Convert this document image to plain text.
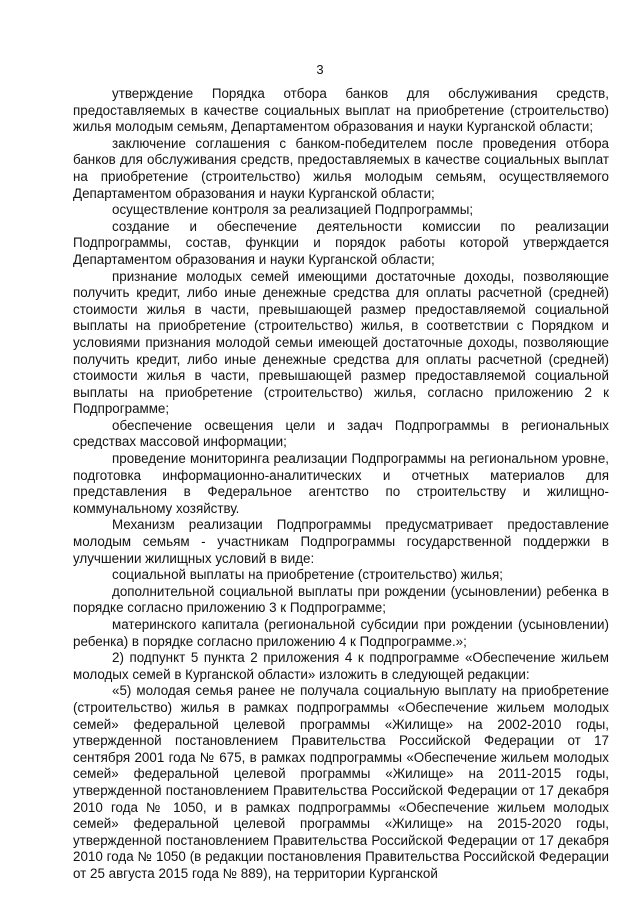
3

утверждение Порядка отбора банков для обслуживания средств, предоставляемых в качестве социальных выплат на приобретение (строительство) жилья молодым семьям, Департаментом образования и науки Курганской области;

заключение соглашения с банком-победителем после проведения отбора банков для обслуживания средств, предоставляемых в качестве социальных выплат на приобретение (строительство) жилья молодым семьям, осуществляемого Департаментом образования и науки Курганской области;

осуществление контроля за реализацией Подпрограммы;

создание и обеспечение деятельности комиссии по реализации Подпрограммы, состав, функции и порядок работы которой утверждается Департаментом образования и науки Курганской области;

признание молодых семей имеющими достаточные доходы, позволяющие получить кредит, либо иные денежные средства для оплаты расчетной (средней) стоимости жилья в части, превышающей размер предоставляемой социальной выплаты на приобретение (строительство) жилья, в соответствии с Порядком и условиями признания молодой семьи имеющей достаточные доходы, позволяющие получить кредит, либо иные денежные средства для оплаты расчетной (средней) стоимости жилья в части, превышающей размер предоставляемой социальной выплаты на приобретение (строительство) жилья, согласно приложению 2 к Подпрограмме;

обеспечение освещения цели и задач Подпрограммы в региональных средствах массовой информации;

проведение мониторинга реализации Подпрограммы на региональном уровне, подготовка информационно-аналитических и отчетных материалов для представления в Федеральное агентство по строительству и жилищно-коммунальному хозяйству.

Механизм реализации Подпрограммы предусматривает предоставление молодым семьям - участникам Подпрограммы государственной поддержки в улучшении жилищных условий в виде:

социальной выплаты на приобретение (строительство) жилья;

дополнительной социальной выплаты при рождении (усыновлении) ребенка в порядке согласно приложению 3 к Подпрограмме;

материнского капитала (региональной субсидии при рождении (усыновлении) ребенка) в порядке согласно приложению 4 к Подпрограмме.»;

2) подпункт 5 пункта 2 приложения 4 к подпрограмме «Обеспечение жильем молодых семей в Курганской области» изложить в следующей редакции:

«5) молодая семья ранее не получала социальную выплату на приобретение (строительство) жилья в рамках подпрограммы «Обеспечение жильем молодых семей» федеральной целевой программы «Жилище» на 2002-2010 годы, утвержденной постановлением Правительства Российской Федерации от 17 сентября 2001 года № 675, в рамках подпрограммы «Обеспечение жильем молодых семей» федеральной целевой программы «Жилище» на 2011-2015 годы, утвержденной постановлением Правительства Российской Федерации от 17 декабря 2010 года № 1050, и в рамках подпрограммы «Обеспечение жильем молодых семей» федеральной целевой программы «Жилище» на 2015-2020 годы, утвержденной постановлением Правительства Российской Федерации от 17 декабря 2010 года № 1050 (в редакции постановления Правительства Российской Федерации от 25 августа 2015 года № 889), на территории Курганской
